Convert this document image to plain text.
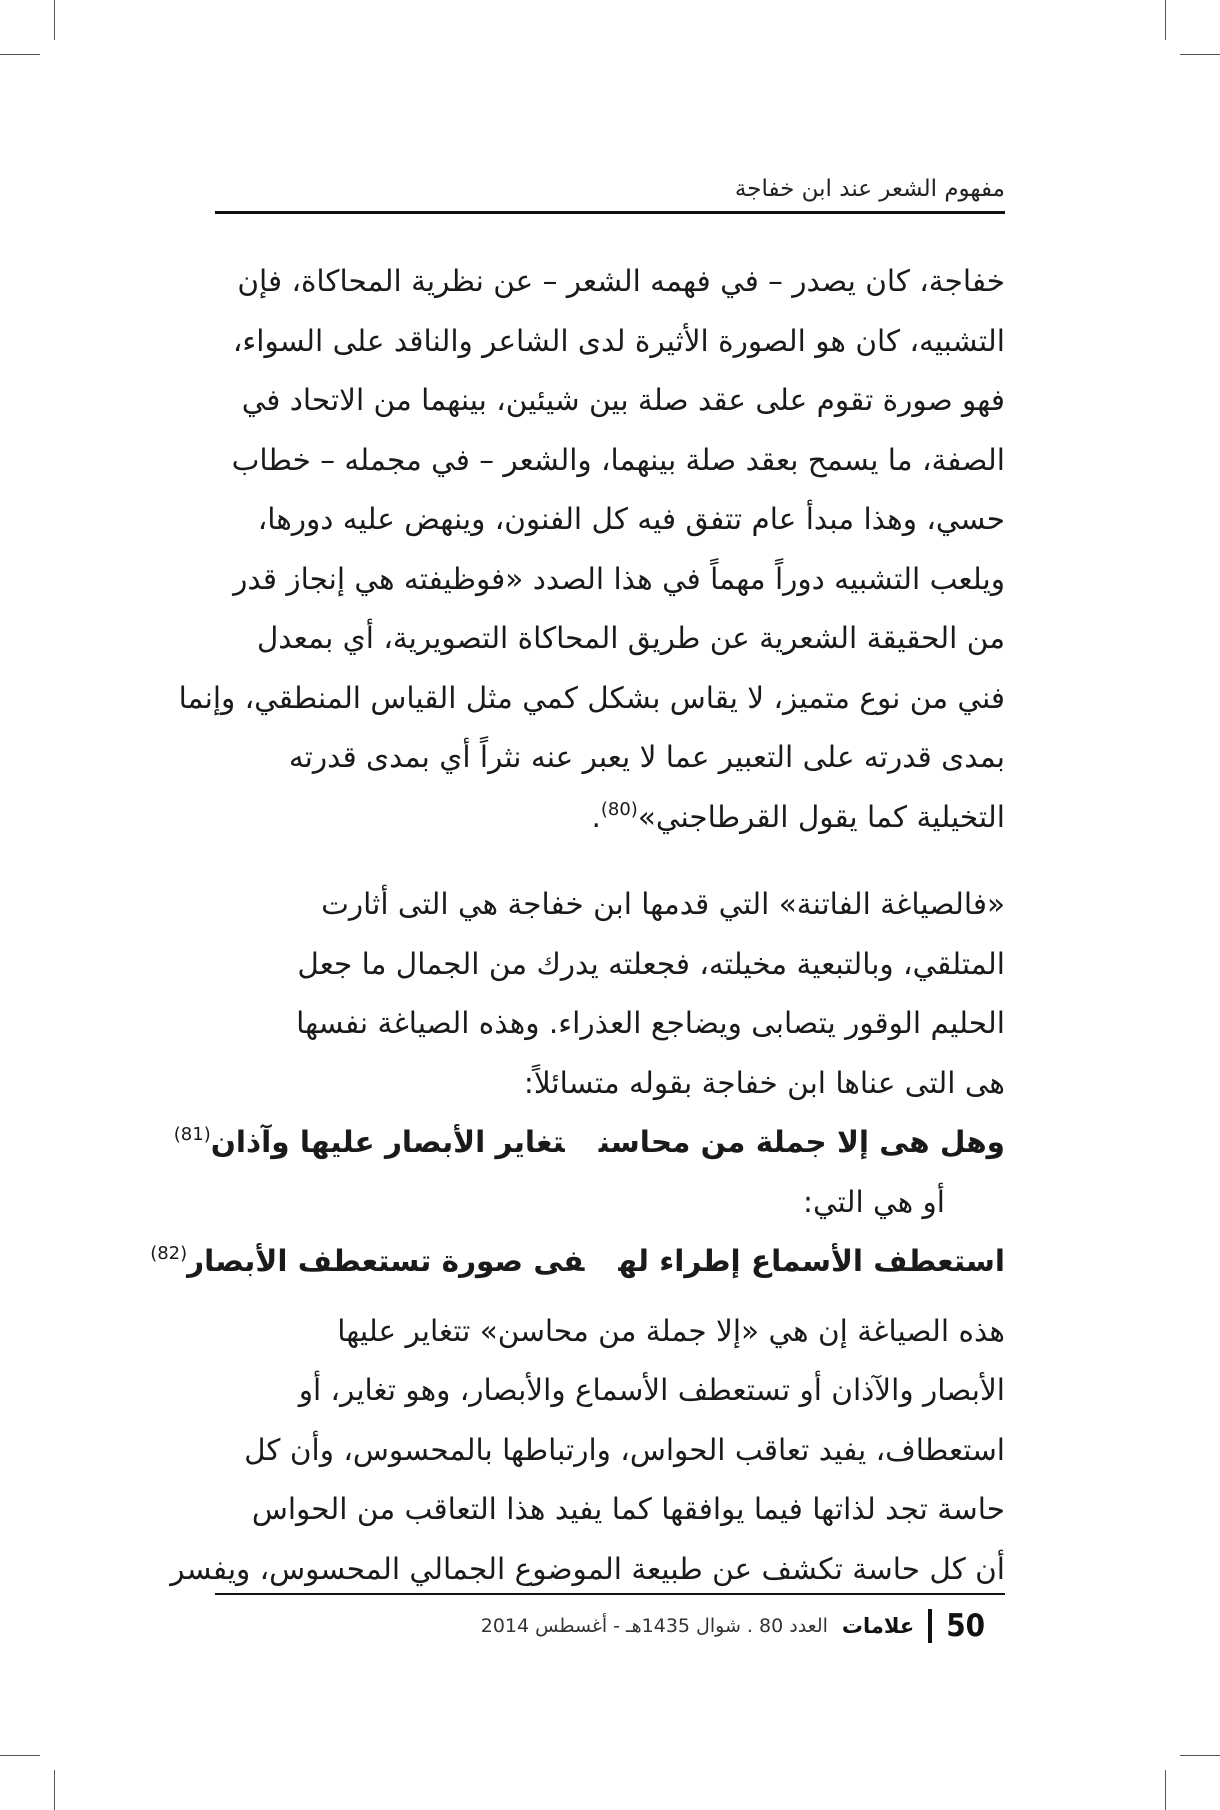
مفهوم الشعر عند ابن خفاجة
خفاجة، كان يصدر – في فهمه الشعر – عن نظرية المحاكاة، فإن
التشبيه، كان هو الصورة الأثيرة لدى الشاعر والناقد على السواء،
فهو صورة تقوم على عقد صلة بين شيئين، بينهما من الاتحاد في
الصفة، ما يسمح بعقد صلة بينهما، والشعر – في مجمله – خطاب
حسي، وهذا مبدأ عام تتفق فيه كل الفنون، وينهض عليه دورها،
ويلعب التشبيه دوراً مهماً في هذا الصدد «فوظيفته هي إنجاز قدر
من الحقيقة الشعرية عن طريق المحاكاة التصويرية، أي بمعدل
فني من نوع متميز، لا يقاس بشكل كمي مثل القياس المنطقي، وإنما
بمدى قدرته على التعبير عما لا يعبر عنه نثراً أي بمدى قدرته
التخيلية كما يقول القرطاجني»$^{(80)}$.
«فالصياغة الفاتنة» التي قدمها ابن خفاجة هي التى أثارت
المتلقي، وبالتبعية مخيلته، فجعلته يدرك من الجمال ما جعل
الحليم الوقور يتصابى ويضاجع العذراء. وهذه الصياغة نفسها
هى التى عناها ابن خفاجة بقوله متسائلاً:
وهل هى إلا جملة من محاسنتغاير الأبصار عليها وآذان$^{(81)}$
أو هي التي:
استعطف الأسماع إطراء لهفى صورة تستعطف الأبصار$^{(82)}$
هذه الصياغة إن هي «إلا جملة من محاسن» تتغاير عليها
الأبصار والآذان أو تستعطف الأسماع والأبصار، وهو تغاير، أو
استعطاف، يفيد تعاقب الحواس، وارتباطها بالمحسوس، وأن كل
حاسة تجد لذاتها فيما يوافقها كما يفيد هذا التعاقب من الحواس
أن كل حاسة تكشف عن طبيعة الموضوع الجمالي المحسوس، ويفسر
50
علامات
العدد 80 . شوال 1435هـ - أغسطس 2014
